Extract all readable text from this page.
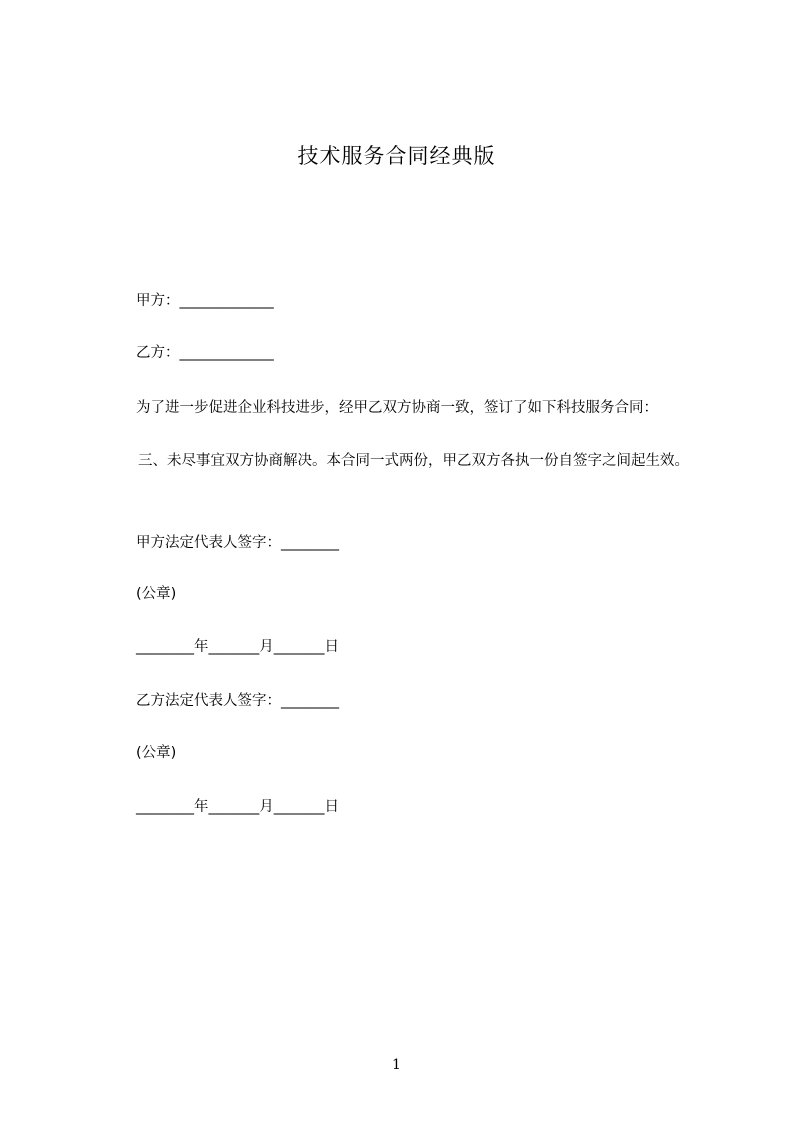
技术服务合同经典版
甲方：_____________
乙方：_____________
为了进一步促进企业科技进步，经甲乙双方协商一致，签订了如下科技服务合同：
三、未尽事宜双方协商解决。本合同一式两份，甲乙双方各执一份自签字之间起生效。
甲方法定代表人签字：________
(公章)
________年_______月_______日
乙方法定代表人签字：________
(公章)
________年_______月_______日
1
